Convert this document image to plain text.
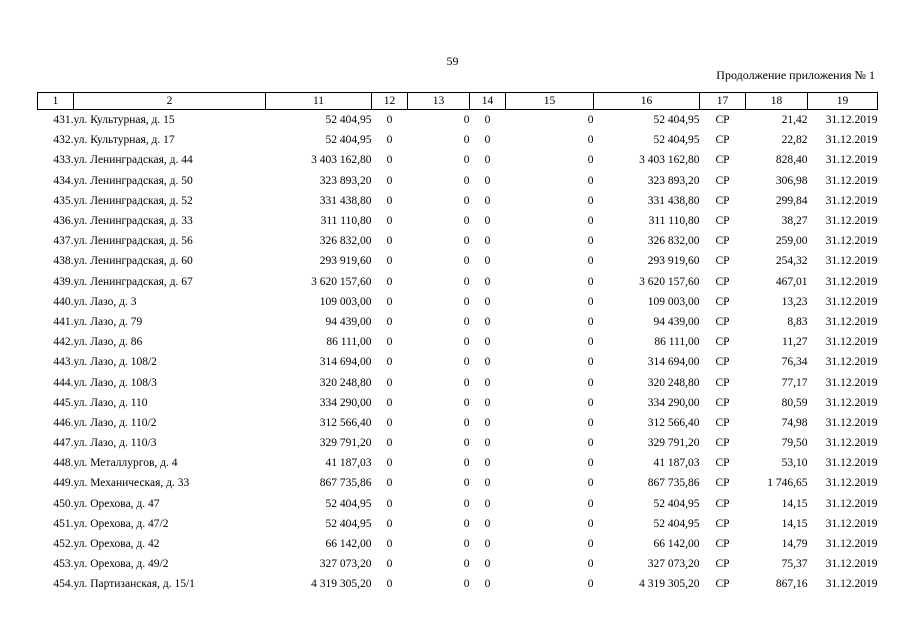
59
Продолжение приложения № 1
1	2	11	12	13	14	15	16	17	18	19
431.	ул. Культурная, д. 15	52 404,95	0	0	0	0	52 404,95	СР	21,42	31.12.2019
432.	ул. Культурная, д. 17	52 404,95	0	0	0	0	52 404,95	СР	22,82	31.12.2019
433.	ул. Ленинградская, д. 44	3 403 162,80	0	0	0	0	3 403 162,80	СР	828,40	31.12.2019
434.	ул. Ленинградская, д. 50	323 893,20	0	0	0	0	323 893,20	СР	306,98	31.12.2019
435.	ул. Ленинградская, д. 52	331 438,80	0	0	0	0	331 438,80	СР	299,84	31.12.2019
436.	ул. Ленинградская, д. 33	311 110,80	0	0	0	0	311 110,80	СР	38,27	31.12.2019
437.	ул. Ленинградская, д. 56	326 832,00	0	0	0	0	326 832,00	СР	259,00	31.12.2019
438.	ул. Ленинградская, д. 60	293 919,60	0	0	0	0	293 919,60	СР	254,32	31.12.2019
439.	ул. Ленинградская, д. 67	3 620 157,60	0	0	0	0	3 620 157,60	СР	467,01	31.12.2019
440.	ул. Лазо, д. 3	109 003,00	0	0	0	0	109 003,00	СР	13,23	31.12.2019
441.	ул. Лазо, д. 79	94 439,00	0	0	0	0	94 439,00	СР	8,83	31.12.2019
442.	ул. Лазо, д. 86	86 111,00	0	0	0	0	86 111,00	СР	11,27	31.12.2019
443.	ул. Лазо, д. 108/2	314 694,00	0	0	0	0	314 694,00	СР	76,34	31.12.2019
444.	ул. Лазо, д. 108/3	320 248,80	0	0	0	0	320 248,80	СР	77,17	31.12.2019
445.	ул. Лазо, д. 110	334 290,00	0	0	0	0	334 290,00	СР	80,59	31.12.2019
446.	ул. Лазо, д. 110/2	312 566,40	0	0	0	0	312 566,40	СР	74,98	31.12.2019
447.	ул. Лазо, д. 110/3	329 791,20	0	0	0	0	329 791,20	СР	79,50	31.12.2019
448.	ул. Металлургов, д. 4	41 187,03	0	0	0	0	41 187,03	СР	53,10	31.12.2019
449.	ул. Механическая, д. 33	867 735,86	0	0	0	0	867 735,86	СР	1 746,65	31.12.2019
450.	ул. Орехова, д. 47	52 404,95	0	0	0	0	52 404,95	СР	14,15	31.12.2019
451.	ул. Орехова, д. 47/2	52 404,95	0	0	0	0	52 404,95	СР	14,15	31.12.2019
452.	ул. Орехова, д. 42	66 142,00	0	0	0	0	66 142,00	СР	14,79	31.12.2019
453.	ул. Орехова, д. 49/2	327 073,20	0	0	0	0	327 073,20	СР	75,37	31.12.2019
454.	ул. Партизанская, д. 15/1	4 319 305,20	0	0	0	0	4 319 305,20	СР	867,16	31.12.2019
